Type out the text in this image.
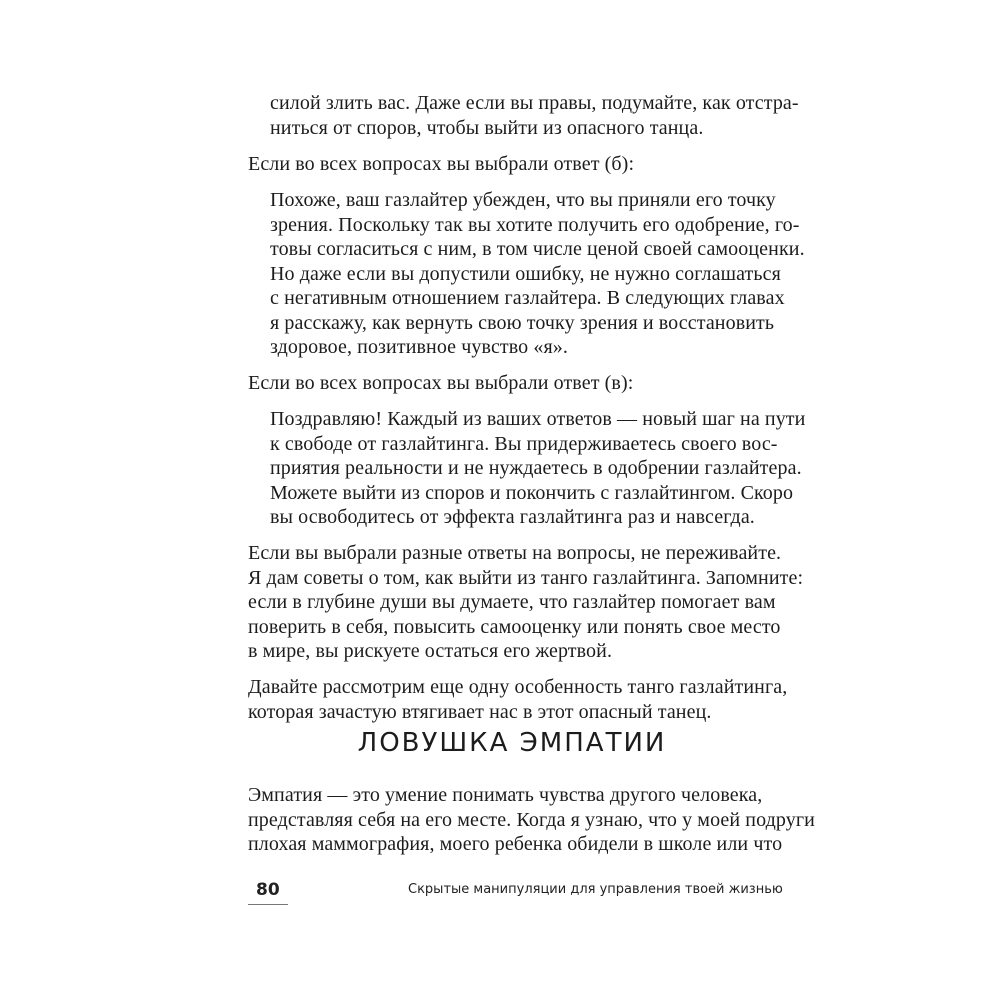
силой злить вас. Даже если вы правы, подумайте, как отстра-
ниться от споров, чтобы выйти из опасного танца.
Если во всех вопросах вы выбрали ответ (б):
Похоже, ваш газлайтер убежден, что вы приняли его точку
зрения. Поскольку так вы хотите получить его одобрение, го-
товы согласиться с ним, в том числе ценой своей самооценки.
Но даже если вы допустили ошибку, не нужно соглашаться
с негативным отношением газлайтера. В следующих главах
я расскажу, как вернуть свою точку зрения и восстановить
здоровое, позитивное чувство «я».
Если во всех вопросах вы выбрали ответ (в):
Поздравляю! Каждый из ваших ответов — новый шаг на пути
к свободе от газлайтинга. Вы придерживаетесь своего вос-
приятия реальности и не нуждаетесь в одобрении газлайтера.
Можете выйти из споров и покончить с газлайтингом. Скоро
вы освободитесь от эффекта газлайтинга раз и навсегда.
Если вы выбрали разные ответы на вопросы, не переживайте.
Я дам советы о том, как выйти из танго газлайтинга. Запомните:
если в глубине души вы думаете, что газлайтер помогает вам
поверить в себя, повысить самооценку или понять свое место
в мире, вы рискуете остаться его жертвой.
Давайте рассмотрим еще одну особенность танго газлайтинга,
которая зачастую втягивает нас в этот опасный танец.
ЛОВУШКА ЭМПАТИИ
Эмпатия — это умение понимать чувства другого человека,
представляя себя на его месте. Когда я узнаю, что у моей подруги
плохая маммография, моего ребенка обидели в школе или что
80	Скрытые манипуляции для управления твоей жизнью
